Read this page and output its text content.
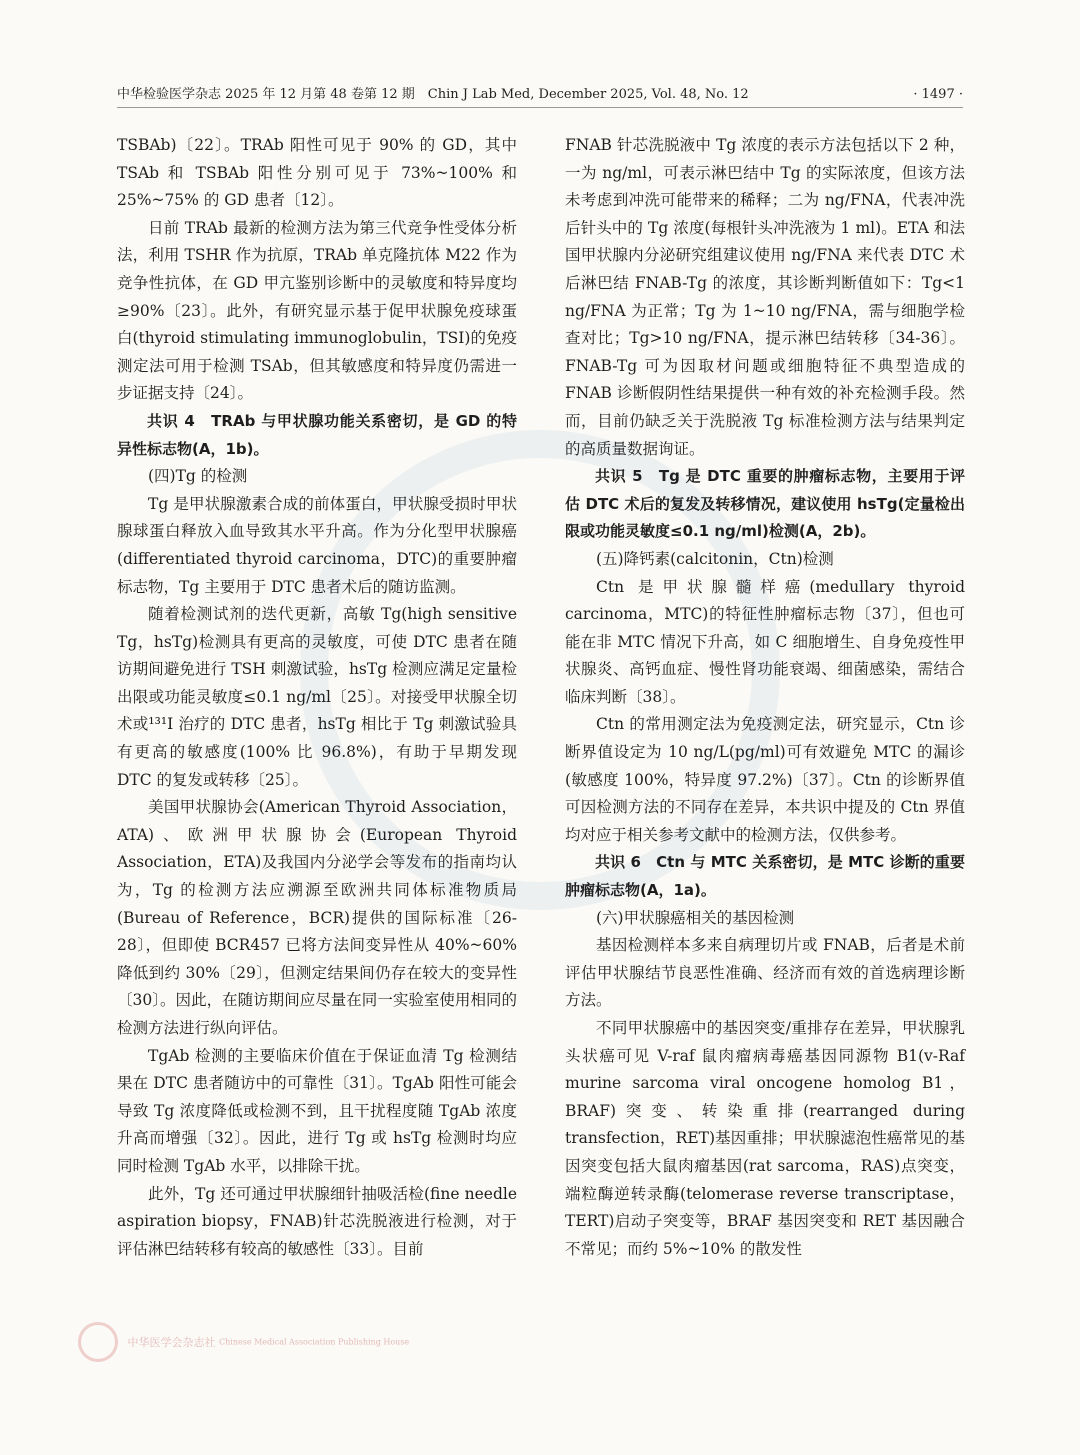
中华检验医学杂志 2025 年 12 月第 48 卷第 12 期　Chin J Lab Med, December 2025, Vol. 48, No. 12	· 1497 ·

TSBAb)〔22〕。TRAb 阳性可见于 90% 的 GD，其中 TSAb 和 TSBAb 阳性分别可见于 73%~100% 和 25%~75% 的 GD 患者〔12〕。

日前 TRAb 最新的检测方法为第三代竞争性受体分析法，利用 TSHR 作为抗原，TRAb 单克隆抗体 M22 作为竞争性抗体，在 GD 甲亢鉴别诊断中的灵敏度和特异度均≥90%〔23〕。此外，有研究显示基于促甲状腺免疫球蛋白(thyroid stimulating immunoglobulin，TSI)的免疫测定法可用于检测 TSAb，但其敏感度和特异度仍需进一步证据支持〔24〕。

共识 4　TRAb 与甲状腺功能关系密切，是 GD 的特异性标志物(A，1b)。

(四)Tg 的检测

Tg 是甲状腺激素合成的前体蛋白，甲状腺受损时甲状腺球蛋白释放入血导致其水平升高。作为分化型甲状腺癌(differentiated thyroid carcinoma，DTC)的重要肿瘤标志物，Tg 主要用于 DTC 患者术后的随访监测。

随着检测试剂的迭代更新，高敏 Tg(high sensitive Tg，hsTg)检测具有更高的灵敏度，可使 DTC 患者在随访期间避免进行 TSH 刺激试验，hsTg 检测应满足定量检出限或功能灵敏度≤0.1 ng/ml〔25〕。对接受甲状腺全切术或¹³¹I 治疗的 DTC 患者，hsTg 相比于 Tg 刺激试验具有更高的敏感度(100% 比 96.8%)，有助于早期发现 DTC 的复发或转移〔25〕。

美国甲状腺协会(American Thyroid Association，ATA)、欧洲甲状腺协会(European Thyroid Association，ETA)及我国内分泌学会等发布的指南均认为，Tg 的检测方法应溯源至欧洲共同体标准物质局(Bureau of Reference，BCR)提供的国际标准〔26-28〕，但即使 BCR457 已将方法间变异性从 40%~60% 降低到约 30%〔29〕，但测定结果间仍存在较大的变异性〔30〕。因此，在随访期间应尽量在同一实验室使用相同的检测方法进行纵向评估。

TgAb 检测的主要临床价值在于保证血清 Tg 检测结果在 DTC 患者随访中的可靠性〔31〕。TgAb 阳性可能会导致 Tg 浓度降低或检测不到，且干扰程度随 TgAb 浓度升高而增强〔32〕。因此，进行 Tg 或 hsTg 检测时均应同时检测 TgAb 水平，以排除干扰。

此外，Tg 还可通过甲状腺细针抽吸活检(fine needle aspiration biopsy，FNAB)针芯洗脱液进行检测，对于评估淋巴结转移有较高的敏感性〔33〕。目前

FNAB 针芯洗脱液中 Tg 浓度的表示方法包括以下 2 种，一为 ng/ml，可表示淋巴结中 Tg 的实际浓度，但该方法未考虑到冲洗可能带来的稀释；二为 ng/FNA，代表冲洗后针头中的 Tg 浓度(每根针头冲洗液为 1 ml)。ETA 和法国甲状腺内分泌研究组建议使用 ng/FNA 来代表 DTC 术后淋巴结 FNAB-Tg 的浓度，其诊断判断值如下：Tg<1 ng/FNA 为正常；Tg 为 1~10 ng/FNA，需与细胞学检查对比；Tg>10 ng/FNA，提示淋巴结转移〔34-36〕。FNAB-Tg 可为因取材问题或细胞特征不典型造成的 FNAB 诊断假阴性结果提供一种有效的补充检测手段。然而，目前仍缺乏关于洗脱液 Tg 标准检测方法与结果判定的高质量数据询证。

共识 5　Tg 是 DTC 重要的肿瘤标志物，主要用于评估 DTC 术后的复发及转移情况，建议使用 hsTg(定量检出限或功能灵敏度≤0.1 ng/ml)检测(A，2b)。

(五)降钙素(calcitonin，Ctn)检测

Ctn 是甲状腺髓样癌(medullary thyroid carcinoma，MTC)的特征性肿瘤标志物〔37〕，但也可能在非 MTC 情况下升高，如 C 细胞增生、自身免疫性甲状腺炎、高钙血症、慢性肾功能衰竭、细菌感染，需结合临床判断〔38〕。

Ctn 的常用测定法为免疫测定法，研究显示，Ctn 诊断界值设定为 10 ng/L(pg/ml)可有效避免 MTC 的漏诊(敏感度 100%，特异度 97.2%)〔37〕。Ctn 的诊断界值可因检测方法的不同存在差异，本共识中提及的 Ctn 界值均对应于相关参考文献中的检测方法，仅供参考。

共识 6　Ctn 与 MTC 关系密切，是 MTC 诊断的重要肿瘤标志物(A，1a)。

(六)甲状腺癌相关的基因检测

基因检测样本多来自病理切片或 FNAB，后者是术前评估甲状腺结节良恶性准确、经济而有效的首选病理诊断方法。

不同甲状腺癌中的基因突变/重排存在差异，甲状腺乳头状癌可见 V-raf 鼠肉瘤病毒癌基因同源物 B1(v-Raf murine sarcoma viral oncogene homolog B1，BRAF)突变、转染重排(rearranged during transfection，RET)基因重排；甲状腺滤泡性癌常见的基因突变包括大鼠肉瘤基因(rat sarcoma，RAS)点突变，端粒酶逆转录酶(telomerase reverse transcriptase，TERT)启动子突变等，BRAF 基因突变和 RET 基因融合不常见；而约 5%~10% 的散发性

中华医学会杂志社 Chinese Medical Association Publishing House
